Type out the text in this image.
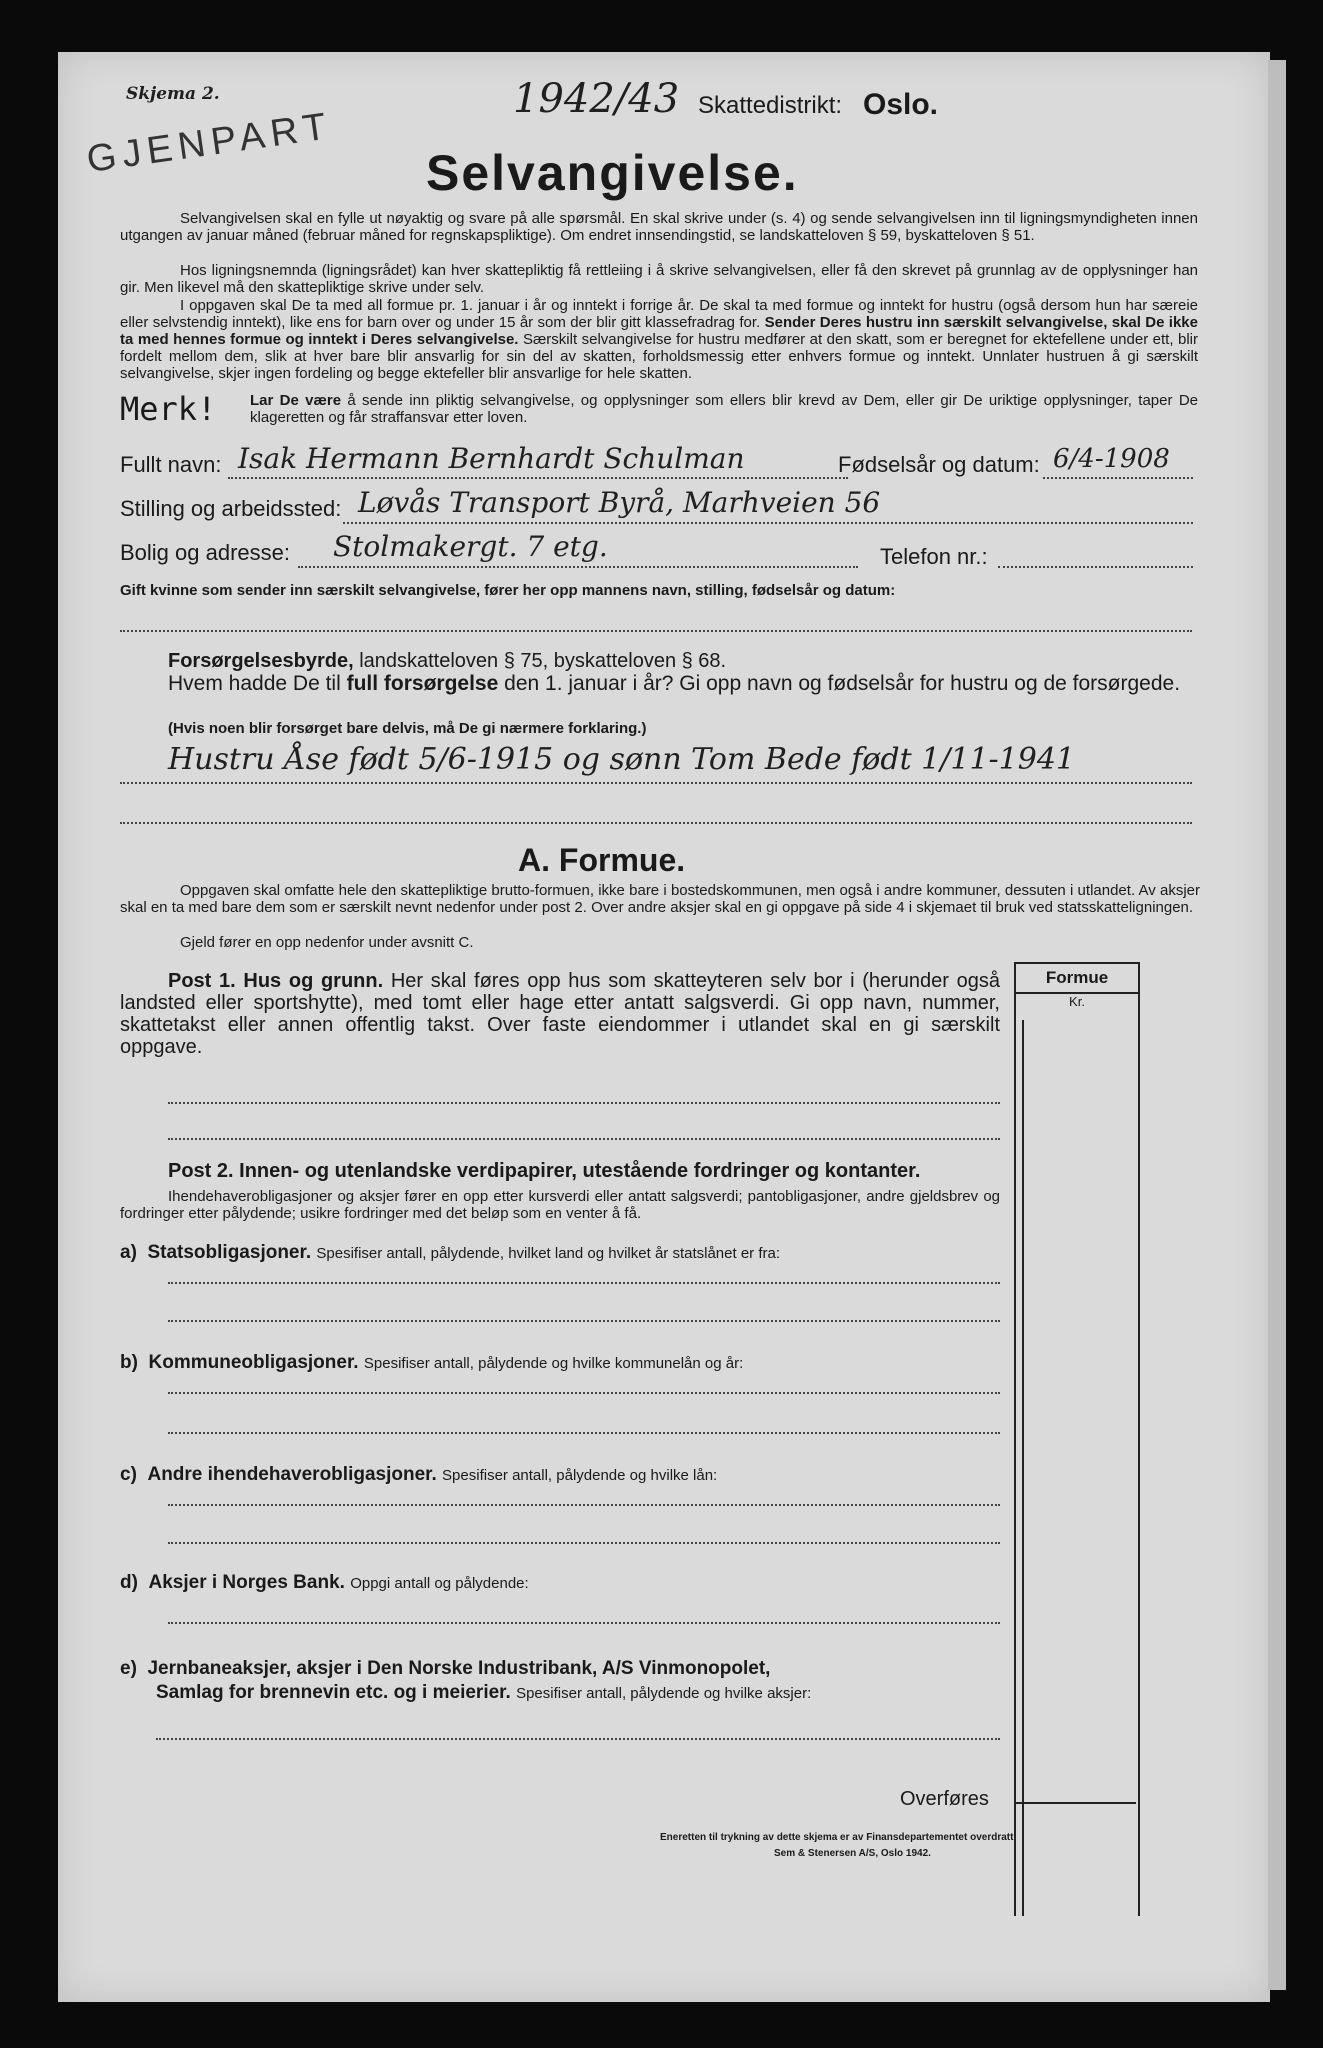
Skjema 2.
GJENPART
1942/43 Skattedistrikt: Oslo.
Selvangivelse.
Selvangivelsen skal en fylle ut nøyaktig og svare på alle spørsmål. En skal skrive under (s. 4) og sende selvangivelsen inn til ligningsmyndigheten innen utgangen av januar måned (februar måned for regnskapspliktige). Om endret innsendingstid, se landskatteloven § 59, byskatteloven § 51.
Hos ligningsnemnda (ligningsrådet) kan hver skattepliktig få rettleiing i å skrive selvangivelsen, eller få den skrevet på grunnlag av de opplysninger han gir. Men likevel må den skattepliktige skrive under selv.
I oppgaven skal De ta med all formue pr. 1. januar i år og inntekt i forrige år. De skal ta med formue og inntekt for hustru (også dersom hun har særeie eller selvstendig inntekt), like ens for barn over og under 15 år som der blir gitt klassefradrag for. Sender Deres hustru inn særskilt selvangivelse, skal De ikke ta med hennes formue og inntekt i Deres selvangivelse. Særskilt selvangivelse for hustru medfører at den skatt, som er beregnet for ektefellene under ett, blir fordelt mellom dem, slik at hver bare blir ansvarlig for sin del av skatten, forholdsmessig etter enhvers formue og inntekt. Unnlater hustruen å gi særskilt selvangivelse, skjer ingen fordeling og begge ektefeller blir ansvarlige for hele skatten.
Merk! Lar De være å sende inn pliktig selvangivelse, og opplysninger som ellers blir krevd av Dem, eller gir De uriktige opplysninger, taper De klageretten og får straffansvar etter loven.
Fullt navn: Isak Hermann Bernhardt Schulman	Fødselsår og datum: 6/4-1908
Stilling og arbeidssted: Løvås Transport Byrå, Marhveien 56
Bolig og adresse: Stolmakergt. 7 etg.	Telefon nr.:
Gift kvinne som sender inn særskilt selvangivelse, fører her opp mannens navn, stilling, fødselsår og datum:
Forsørgelsesbyrde, landskatteloven § 75, byskatteloven § 68.
Hvem hadde De til full forsørgelse den 1. januar i år? Gi opp navn og fødselsår for hustru og de forsørgede.
(Hvis noen blir forsørget bare delvis, må De gi nærmere forklaring.)
Hustru Åse født 5/6-1915 og sønn Tom Bede født 1/11-1941
A. Formue.
Oppgaven skal omfatte hele den skattepliktige brutto-formuen, ikke bare i bostedskommunen, men også i andre kommuner, dessuten i utlandet. Av aksjer skal en ta med bare dem som er særskilt nevnt nedenfor under post 2. Over andre aksjer skal en gi oppgave på side 4 i skjemaet til bruk ved statsskatteligningen.
Gjeld fører en opp nedenfor under avsnitt C.
Formue
Kr.
Post 1. Hus og grunn. Her skal føres opp hus som skatteyteren selv bor i (herunder også landsted eller sportshytte), med tomt eller hage etter antatt salgsverdi. Gi opp navn, nummer, skattetakst eller annen offentlig takst. Over faste eiendommer i utlandet skal en gi særskilt oppgave.
Post 2. Innen- og utenlandske verdipapirer, utestående fordringer og kontanter.
Ihendehaverobligasjoner og aksjer fører en opp etter kursverdi eller antatt salgsverdi; pantobligasjoner, andre gjeldsbrev og fordringer etter pålydende; usikre fordringer med det beløp som en venter å få.
a) Statsobligasjoner. Spesifiser antall, pålydende, hvilket land og hvilket år statslånet er fra:
b) Kommuneobligasjoner. Spesifiser antall, pålydende og hvilke kommunelån og år:
c) Andre ihendehaverobligasjoner. Spesifiser antall, pålydende og hvilke lån:
d) Aksjer i Norges Bank. Oppgi antall og pålydende:
e) Jernbaneaksjer, aksjer i Den Norske Industribank, A/S Vinmonopolet,
Samlag for brennevin etc. og i meierier. Spesifiser antall, pålydende og hvilke aksjer:
Overføres
Eneretten til trykning av dette skjema er av Finansdepartementet overdratt
Sem & Stenersen A/S, Oslo 1942.
